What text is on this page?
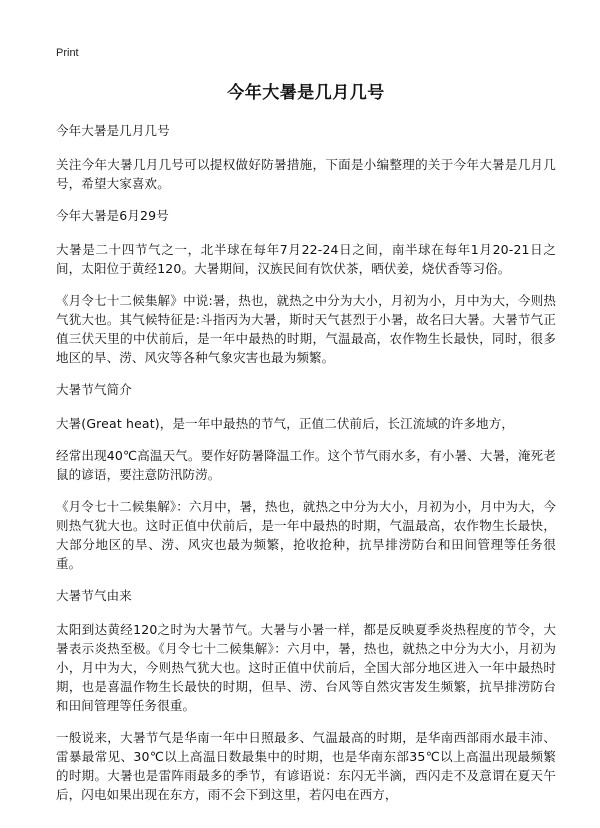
Print
今年大暑是几月几号

今年大暑是几月几号

关注今年大暑几月几号可以提权做好防暑措施，下面是小编整理的关于今年大暑是几月几号，希望大家喜欢。

今年大暑是6月29号

大暑是二十四节气之一，北半球在每年7月22-24日之间，南半球在每年1月20-21日之间，太阳位于黄经120。大暑期间，汉族民间有饮伏茶，晒伏姜，烧伏香等习俗。

《月令七十二候集解》中说:暑，热也，就热之中分为大小，月初为小，月中为大，今则热气犹大也。其气候特征是:斗指丙为大暑，斯时天气甚烈于小暑，故名曰大暑。大暑节气正值三伏天里的中伏前后，是一年中最热的时期，气温最高，农作物生长最快，同时，很多地区的旱、涝、风灾等各种气象灾害也最为频繁。

大暑节气简介

大暑(Great heat)，是一年中最热的节气，正值二伏前后，长江流域的许多地方，

经常出现40℃高温天气。要作好防暑降温工作。这个节气雨水多，有小暑、大暑，淹死老鼠的谚语，要注意防汛防涝。

《月令七十二候集解》：六月中，暑，热也，就热之中分为大小，月初为小，月中为大，今则热气犹大也。这时正值中伏前后，是一年中最热的时期，气温最高，农作物生长最快，大部分地区的旱、涝、风灾也最为频繁，抢收抢种，抗旱排涝防台和田间管理等任务很重。

大暑节气由来

太阳到达黄经120之时为大暑节气。大暑与小暑一样，都是反映夏季炎热程度的节令，大暑表示炎热至极。《月令七十二候集解》：六月中，暑，热也，就热之中分为大小，月初为小，月中为大，今则热气犹大也。这时正值中伏前后，全国大部分地区进入一年中最热时期，也是喜温作物生长最快的时期，但旱、涝、台风等自然灾害发生频繁，抗旱排涝防台和田间管理等任务很重。

一般说来，大暑节气是华南一年中日照最多、气温最高的时期，是华南西部雨水最丰沛、雷暴最常见、30℃以上高温日数最集中的时期，也是华南东部35℃以上高温出现最频繁的时期。大暑也是雷阵雨最多的季节，有谚语说：东闪无半滴，西闪走不及意谓在夏天午后，闪电如果出现在东方，雨不会下到这里，若闪电在西方，
